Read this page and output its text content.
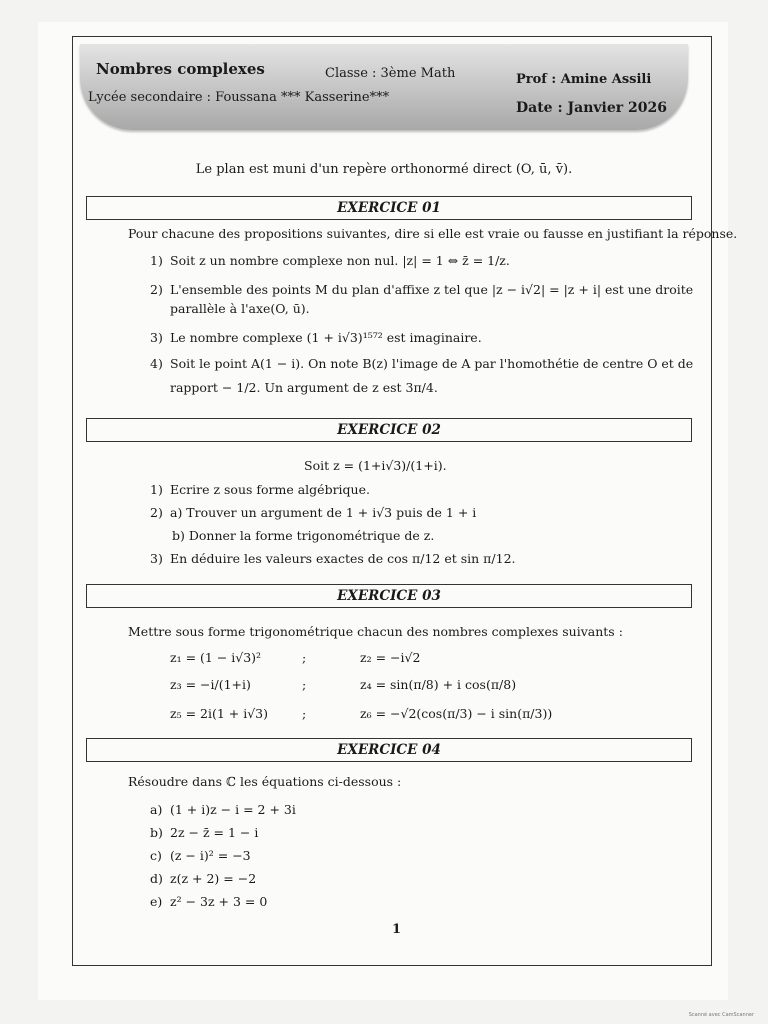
Nombres complexes	Classe : 3ème Math	Prof : Amine Assili
Lycée secondaire : Foussana *** Kasserine***
Date : Janvier 2026
Le plan est muni d'un repère orthonormé direct (O, ū, v̄).
EXERCICE 01
Pour chacune des propositions suivantes, dire si elle est vraie ou fausse en justifiant la réponse.
1) Soit z un nombre complexe non nul. |z| = 1 ⇔ z̄ = 1/z.
2) L'ensemble des points M du plan d'affixe z tel que |z − i√2| = |z + i| est une droite
parallèle à l'axe(O, ū).
3) Le nombre complexe (1 + i√3)¹⁵⁷² est imaginaire.
4) Soit le point A(1 − i). On note B(z) l'image de A par l'homothétie de centre O et de
rapport − 1/2. Un argument de z est 3π/4.
EXERCICE 02
Soit z = (1+i√3)/(1+i).
1) Ecrire z sous forme algébrique.
2) a) Trouver un argument de 1 + i√3 puis de 1 + i
b) Donner la forme trigonométrique de z.
3) En déduire les valeurs exactes de cos π/12 et sin π/12.
EXERCICE 03
Mettre sous forme trigonométrique chacun des nombres complexes suivants :
z₁ = (1 − i√3)²	;	z₂ = −i√2
z₃ = −i/(1+i)	;	z₄ = sin(π/8) + i cos(π/8)
z₅ = 2i(1 + i√3)	;	z₆ = −√2(cos(π/3) − i sin(π/3))
EXERCICE 04
Résoudre dans ℂ les équations ci-dessous :
a) (1 + i)z − i = 2 + 3i
b) 2z − z̄ = 1 − i
c) (z − i)² = −3
d) z(z + 2) = −2
e) z² − 3z + 3 = 0
1
Scanné avec CamScanner
